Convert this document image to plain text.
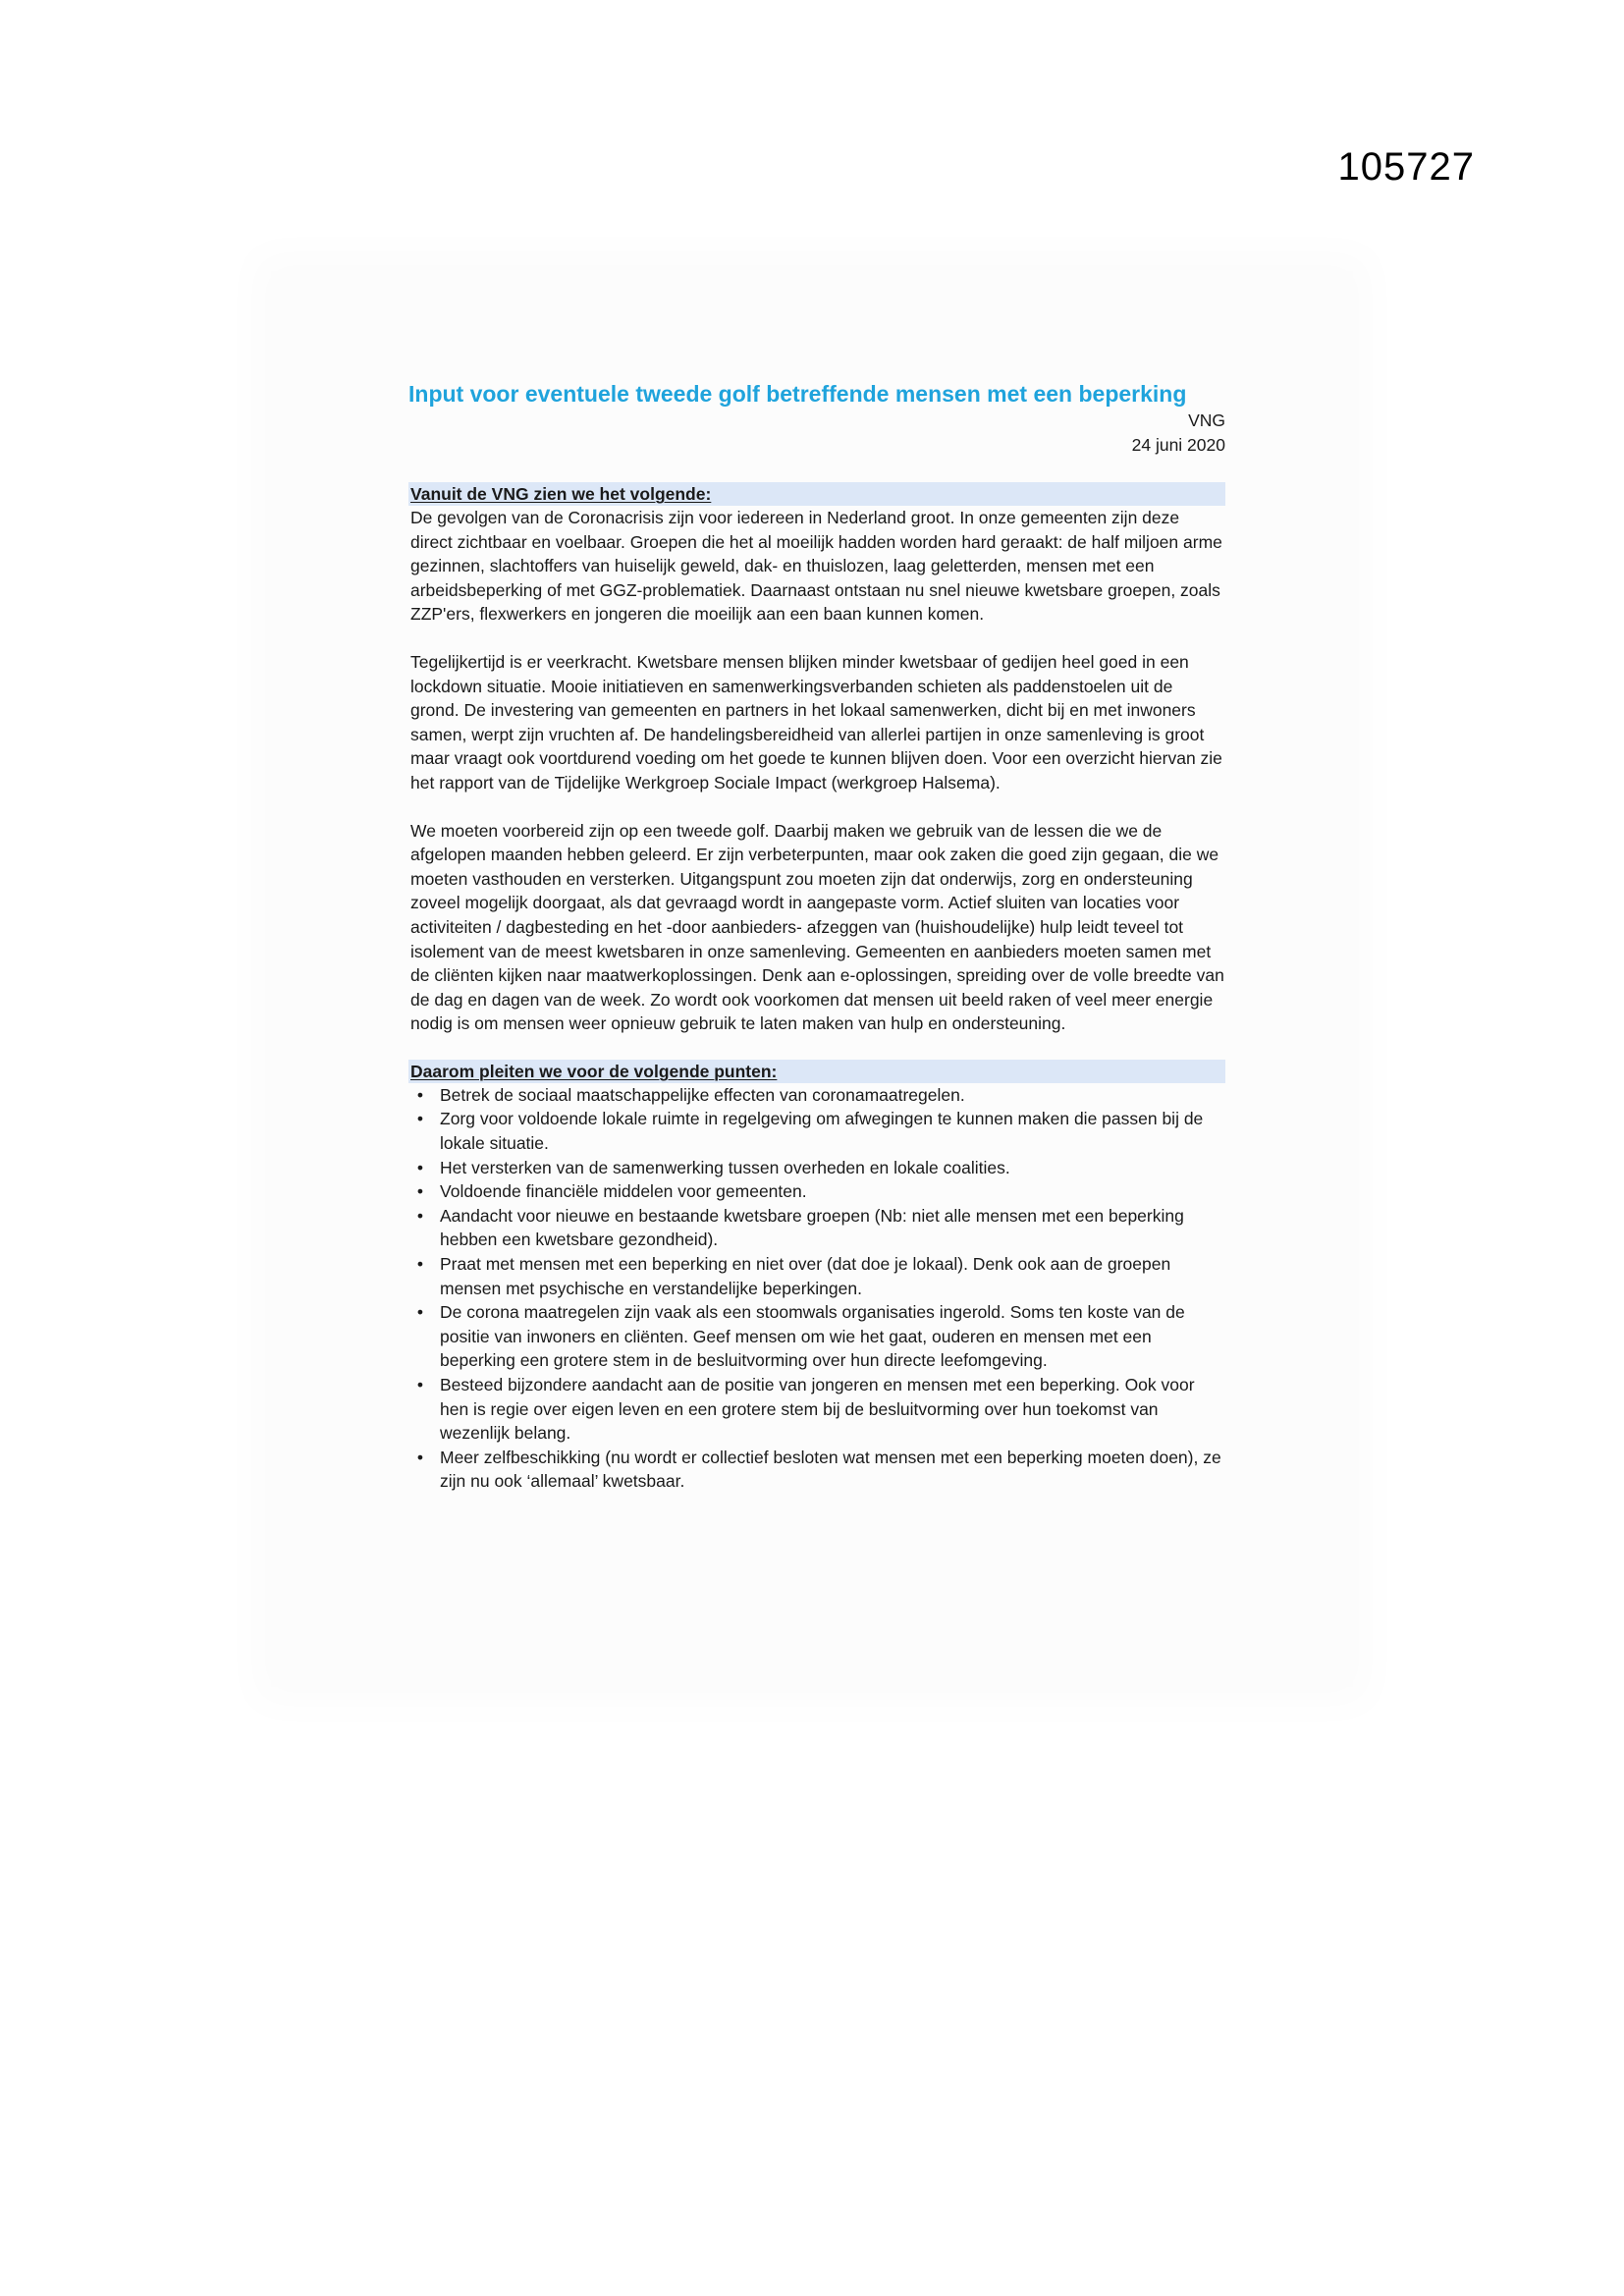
105727
Input voor eventuele tweede golf betreffende mensen met een beperking
VNG
24 juni 2020
Vanuit de VNG zien we het volgende:

De gevolgen van de Coronacrisis zijn voor iedereen in Nederland groot. In onze gemeenten zijn deze direct zichtbaar en voelbaar. Groepen die het al moeilijk hadden worden hard geraakt: de half miljoen arme gezinnen, slachtoffers van huiselijk geweld, dak- en thuislozen, laag geletterden, mensen met een arbeidsbeperking of met GGZ-problematiek. Daarnaast ontstaan nu snel nieuwe kwetsbare groepen, zoals ZZP'ers, flexwerkers en jongeren die moeilijk aan een baan kunnen komen.

Tegelijkertijd is er veerkracht. Kwetsbare mensen blijken minder kwetsbaar of gedijen heel goed in een lockdown situatie. Mooie initiatieven en samenwerkingsverbanden schieten als paddenstoelen uit de grond. De investering van gemeenten en partners in het lokaal samenwerken, dicht bij en met inwoners samen, werpt zijn vruchten af. De handelingsbereidheid van allerlei partijen in onze samenleving is groot maar vraagt ook voortdurend voeding om het goede te kunnen blijven doen. Voor een overzicht hiervan zie het rapport van de Tijdelijke Werkgroep Sociale Impact (werkgroep Halsema).

We moeten voorbereid zijn op een tweede golf. Daarbij maken we gebruik van de lessen die we de afgelopen maanden hebben geleerd. Er zijn verbeterpunten, maar ook zaken die goed zijn gegaan, die we moeten vasthouden en versterken. Uitgangspunt zou moeten zijn dat onderwijs, zorg en ondersteuning zoveel mogelijk doorgaat, als dat gevraagd wordt in aangepaste vorm. Actief sluiten van locaties voor activiteiten / dagbesteding en het -door aanbieders- afzeggen van (huishoudelijke) hulp leidt teveel tot isolement van de meest kwetsbaren in onze samenleving. Gemeenten en aanbieders moeten samen met de cliënten kijken naar maatwerkoplossingen. Denk aan e-oplossingen, spreiding over de volle breedte van de dag en dagen van de week. Zo wordt ook voorkomen dat mensen uit beeld raken of veel meer energie nodig is om mensen weer opnieuw gebruik te laten maken van hulp en ondersteuning.

Daarom pleiten we voor de volgende punten:
• Betrek de sociaal maatschappelijke effecten van coronamaatregelen.
• Zorg voor voldoende lokale ruimte in regelgeving om afwegingen te kunnen maken die passen bij de lokale situatie.
• Het versterken van de samenwerking tussen overheden en lokale coalities.
• Voldoende financiële middelen voor gemeenten.
• Aandacht voor nieuwe en bestaande kwetsbare groepen (Nb: niet alle mensen met een beperking hebben een kwetsbare gezondheid).
• Praat met mensen met een beperking en niet over (dat doe je lokaal). Denk ook aan de groepen mensen met psychische en verstandelijke beperkingen.
• De corona maatregelen zijn vaak als een stoomwals organisaties ingerold. Soms ten koste van de positie van inwoners en cliënten. Geef mensen om wie het gaat, ouderen en mensen met een beperking een grotere stem in de besluitvorming over hun directe leefomgeving.
• Besteed bijzondere aandacht aan de positie van jongeren en mensen met een beperking. Ook voor hen is regie over eigen leven en een grotere stem bij de besluitvorming over hun toekomst van wezenlijk belang.
• Meer zelfbeschikking (nu wordt er collectief besloten wat mensen met een beperking moeten doen), ze zijn nu ook ‘allemaal’ kwetsbaar.
